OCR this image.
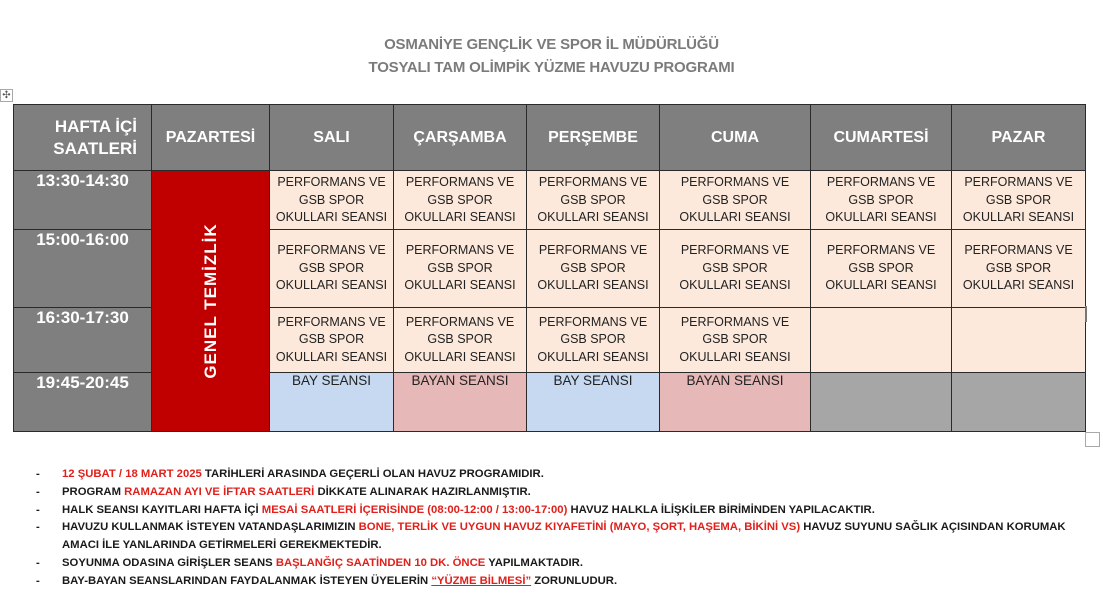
OSMANİYE GENÇLİK VE SPOR İL MÜDÜRLÜĞÜ
TOSYALI TAM OLİMPİK YÜZME HAVUZU PROGRAMI
✣
HAFTA İÇİ
SAATLERİ	PAZARTESİ	SALI	ÇARŞAMBA	PERŞEMBE	CUMA	CUMARTESİ	PAZAR
13:30-14:30	GENEL TEMİZLİK	PERFORMANS VE
GSB SPOR
OKULLARI SEANSI	PERFORMANS VE
GSB SPOR
OKULLARI SEANSI	PERFORMANS VE
GSB SPOR
OKULLARI SEANSI	PERFORMANS VE
GSB SPOR
OKULLARI SEANSI	PERFORMANS VE
GSB SPOR
OKULLARI SEANSI	PERFORMANS VE
GSB SPOR
OKULLARI SEANSI

15:00-16:00		PERFORMANS VE
GSB SPOR
OKULLARI SEANSI	PERFORMANS VE
GSB SPOR
OKULLARI SEANSI	PERFORMANS VE
GSB SPOR
OKULLARI SEANSI	PERFORMANS VE
GSB SPOR
OKULLARI SEANSI	PERFORMANS VE
GSB SPOR
OKULLARI SEANSI	PERFORMANS VE
GSB SPOR
OKULLARI SEANSI

16:30-17:30		PERFORMANS VE
GSB SPOR
OKULLARI SEANSI	PERFORMANS VE
GSB SPOR
OKULLARI SEANSI	PERFORMANS VE
GSB SPOR
OKULLARI SEANSI	PERFORMANS VE
GSB SPOR
OKULLARI SEANSI		

19:45-20:45		BAY SEANSI	BAYAN SEANSI	BAY SEANSI	BAYAN SEANSI		
- 12 ŞUBAT / 18 MART 2025 TARİHLERİ ARASINDA GEÇERLİ OLAN HAVUZ PROGRAMIDIR.
- PROGRAM RAMAZAN AYI VE İFTAR SAATLERİ DİKKATE ALINARAK HAZIRLANMIŞTIR.
- HALK SEANSI KAYITLARI HAFTA İÇİ MESAİ SAATLERİ İÇERİSİNDE (08:00-12:00 / 13:00-17:00) HAVUZ HALKLA İLİŞKİLER BİRİMİNDEN YAPILACAKTIR.
- HAVUZU KULLANMAK İSTEYEN VATANDAŞLARIMIZIN BONE, TERLİK VE UYGUN HAVUZ KIYAFETİNİ (MAYO, ŞORT, HAŞEMA, BİKİNİ VS) HAVUZ SUYUNU SAĞLIK AÇISINDAN KORUMAK AMACI İLE YANLARINDA GETİRMELERİ GEREKMEKTEDİR.
- SOYUNMA ODASINA GİRİŞLER SEANS BAŞLANĞIÇ SAATİNDEN 10 DK. ÖNCE YAPILMAKTADIR.
- BAY-BAYAN SEANSLARINDAN FAYDALANMAK İSTEYEN ÜYELERİN “YÜZME BİLMESİ” ZORUNLUDUR.
